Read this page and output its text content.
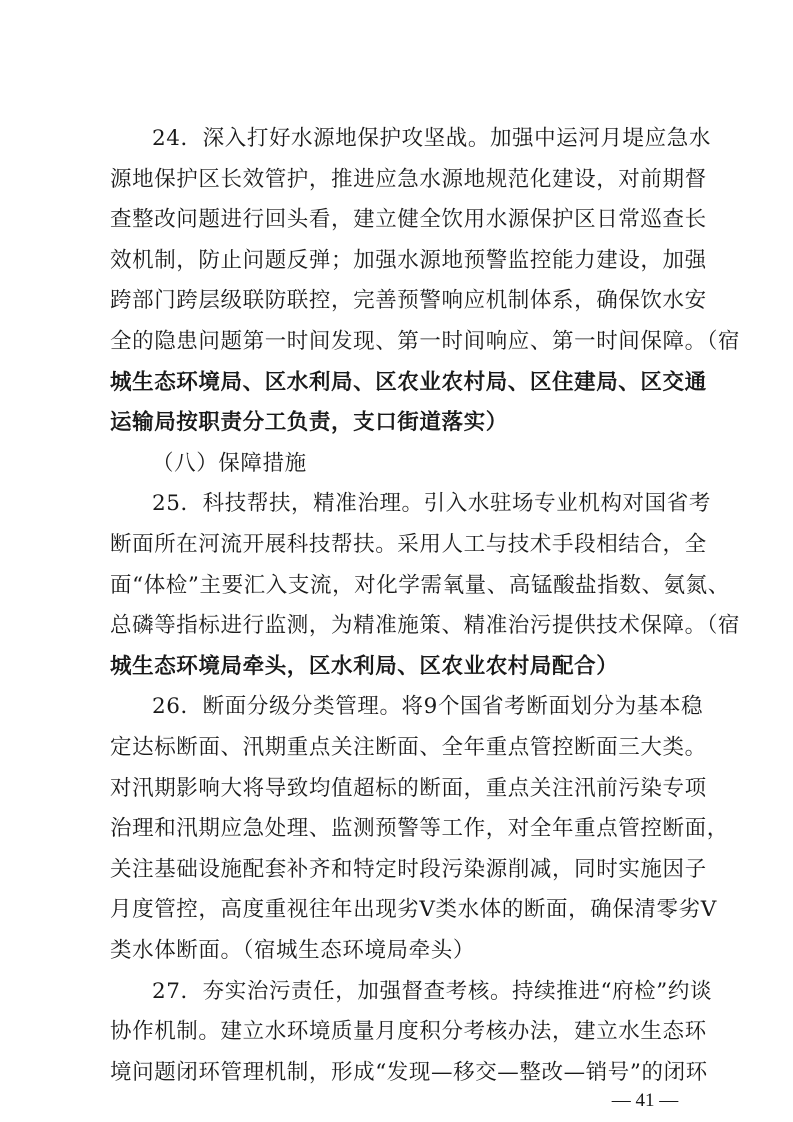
24．深入打好水源地保护攻坚战。加强中运河月堤应急水
源地保护区长效管护，推进应急水源地规范化建设，对前期督
查整改问题进行回头看，建立健全饮用水源保护区日常巡查长
效机制，防止问题反弹；加强水源地预警监控能力建设，加强
跨部门跨层级联防联控，完善预警响应机制体系，确保饮水安
全的隐患问题第一时间发现、第一时间响应、第一时间保障。（宿
城生态环境局、区水利局、区农业农村局、区住建局、区交通
运输局按职责分工负责，支口街道落实）
（八）保障措施
25．科技帮扶，精准治理。引入水驻场专业机构对国省考
断面所在河流开展科技帮扶。采用人工与技术手段相结合，全
面“体检”主要汇入支流，对化学需氧量、高锰酸盐指数、氨氮、
总磷等指标进行监测，为精准施策、精准治污提供技术保障。（宿
城生态环境局牵头，区水利局、区农业农村局配合）
26．断面分级分类管理。将9个国省考断面划分为基本稳
定达标断面、汛期重点关注断面、全年重点管控断面三大类。
对汛期影响大将导致均值超标的断面，重点关注汛前污染专项
治理和汛期应急处理、监测预警等工作，对全年重点管控断面，
关注基础设施配套补齐和特定时段污染源削减，同时实施因子
月度管控，高度重视往年出现劣V类水体的断面，确保清零劣V
类水体断面。（宿城生态环境局牵头）
27．夯实治污责任，加强督查考核。持续推进“府检”约谈
协作机制。建立水环境质量月度积分考核办法，建立水生态环
— 41 —
境问题闭环管理机制，形成“发现—移交—整改—销号”的闭环
